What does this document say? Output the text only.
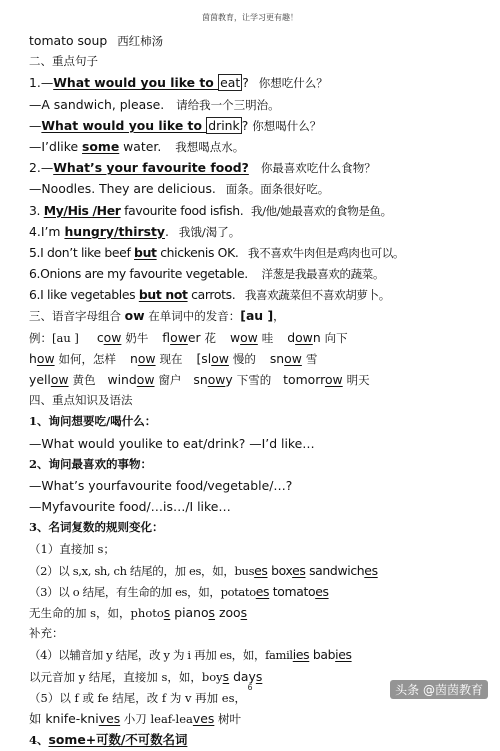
茵茵教育，让学习更有趣！
tomato soup 西红柿汤
二、重点句子
1.—What would you like to eat ? 你想吃什么？
—A sandwich, please. 请给我一个三明治。
—What would you like to drink ? 你想喝什么？
—I’dlike some water. 我想喝点水。
2.—What’s your favourite food? 你最喜欢吃什么食物？
—Noodles. They are delicious. 面条。面条很好吃。
3. My/His /Her favourite food isfish. 我/他/她最喜欢的食物是鱼。
4.I’m hungry/thirsty. 我饿/渴了。
5.I don’t like beef but chickenis OK. 我不喜欢牛肉但是鸡肉也可以。
6.Onions are my favourite vegetable. 洋葱是我最喜欢的蔬菜。
6.I like vegetables but not carrots. 我喜欢蔬菜但不喜欢胡萝卜。
三、语音字母组合 ow 在单词中的发音：[au ]，
例：[au ] cow 奶牛 flower 花 wow 哇 down 向下
how 如何，怎样 now 现在 [slow 慢的 snow 雪
yellow 黄色 window 窗户 snowy 下雪的 tomorrow 明天
四、重点知识及语法
1、询问想要吃/喝什么：
—What would youlike to eat/drink? —I’d like…
2、询问最喜欢的事物：
—What’s yourfavourite food/vegetable/…?
—Myfavourite food/…is…/I like…
3、名词复数的规则变化：
（1）直接加 s；
（2）以 s,x, sh, ch 结尾的，加 es，如，buses boxes sandwiches
（3）以 o 结尾，有生命的加 es，如，potatoes tomatoes
无生命的加 s，如，photos pianos zoos
补充：
（4）以辅音加 y 结尾，改 y 为 i 再加 es，如，families babies
以元音加 y 结尾，直接加 s，如，boys days
（5）以 f 或 fe 结尾，改 f 为 v 再加 es，
如 knife-knives 小刀 leaf-leaves 树叶
4、some+可数/不可数名词
6	头条 @茵茵教育
